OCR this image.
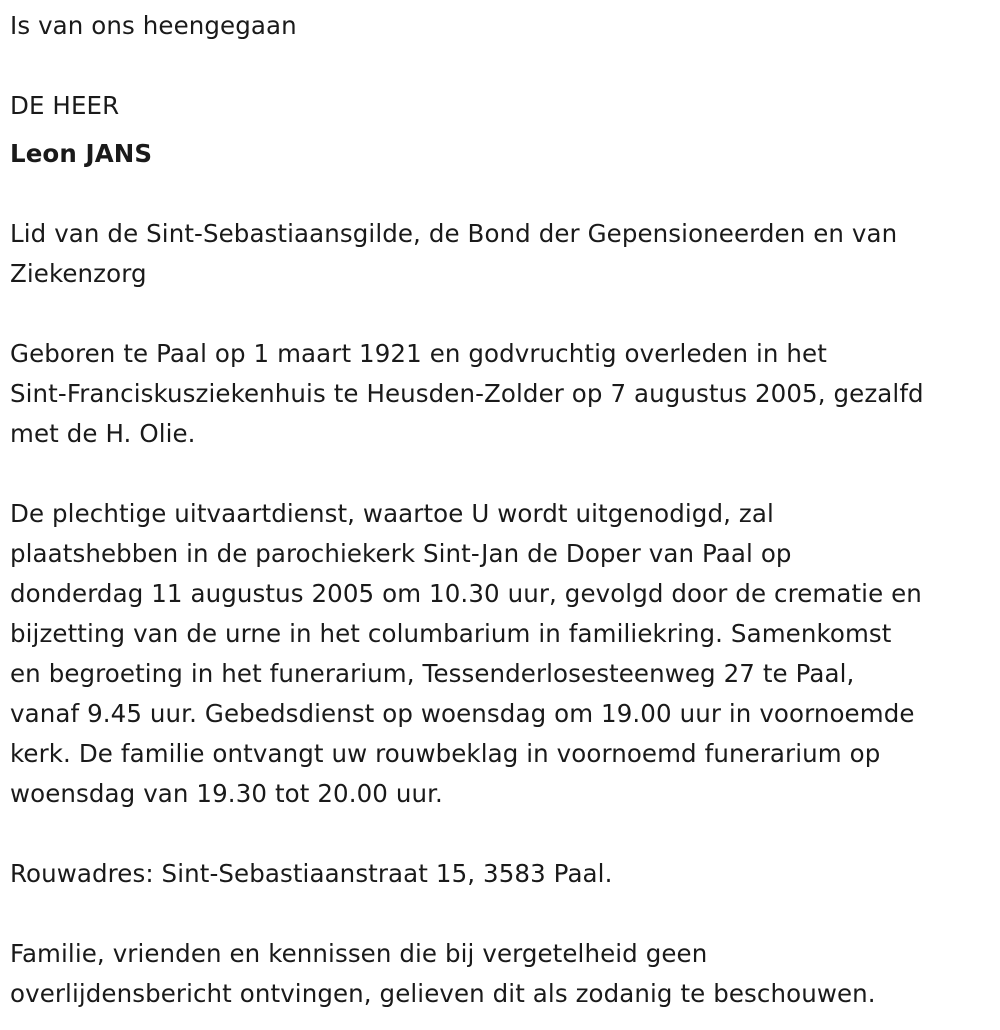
Is van ons heengegaan

DE HEER

Leon JANS

Lid van de Sint-Sebastiaansgilde, de Bond der Gepensioneerden en van

Ziekenzorg

Geboren te Paal op 1 maart 1921 en godvruchtig overleden in het

Sint-Franciskusziekenhuis te Heusden-Zolder op 7 augustus 2005, gezalfd

met de H. Olie.

De plechtige uitvaartdienst, waartoe U wordt uitgenodigd, zal

plaatshebben in de parochiekerk Sint-Jan de Doper van Paal op

donderdag 11 augustus 2005 om 10.30 uur, gevolgd door de crematie en

bijzetting van de urne in het columbarium in familiekring. Samenkomst

en begroeting in het funerarium, Tessenderlosesteenweg 27 te Paal,

vanaf 9.45 uur. Gebedsdienst op woensdag om 19.00 uur in voornoemde

kerk. De familie ontvangt uw rouwbeklag in voornoemd funerarium op

woensdag van 19.30 tot 20.00 uur.

Rouwadres: Sint-Sebastiaanstraat 15, 3583 Paal.

Familie, vrienden en kennissen die bij vergetelheid geen

overlijdensbericht ontvingen, gelieven dit als zodanig te beschouwen.
